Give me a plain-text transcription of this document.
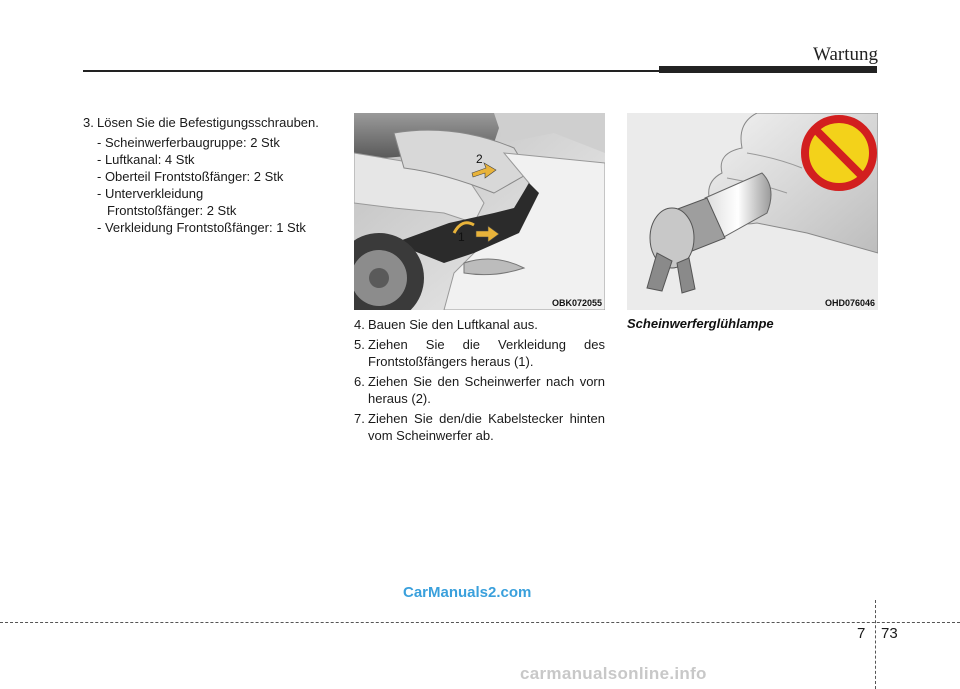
Wartung
3. Lösen Sie die Befestigungsschrauben.
- Scheinwerferbaugruppe: 2 Stk
- Luftkanal: 4 Stk
- Oberteil Frontstoßfänger: 2 Stk
- Unterverkleidung
Frontstoßfänger: 2 Stk
- Verkleidung Frontstoßfänger: 1 Stk
2
1
OBK072055	OHD076046
4. Bauen Sie den Luftkanal aus.
5. Ziehen Sie die Verkleidung des Frontstoßfängers heraus (1).
6. Ziehen Sie den Scheinwerfer nach vorn heraus (2).
7. Ziehen Sie den/die Kabelstecker hinten vom Scheinwerfer ab.
Scheinwerferglühlampe
CarManuals2.com
7 73
carmanualsonline.info
